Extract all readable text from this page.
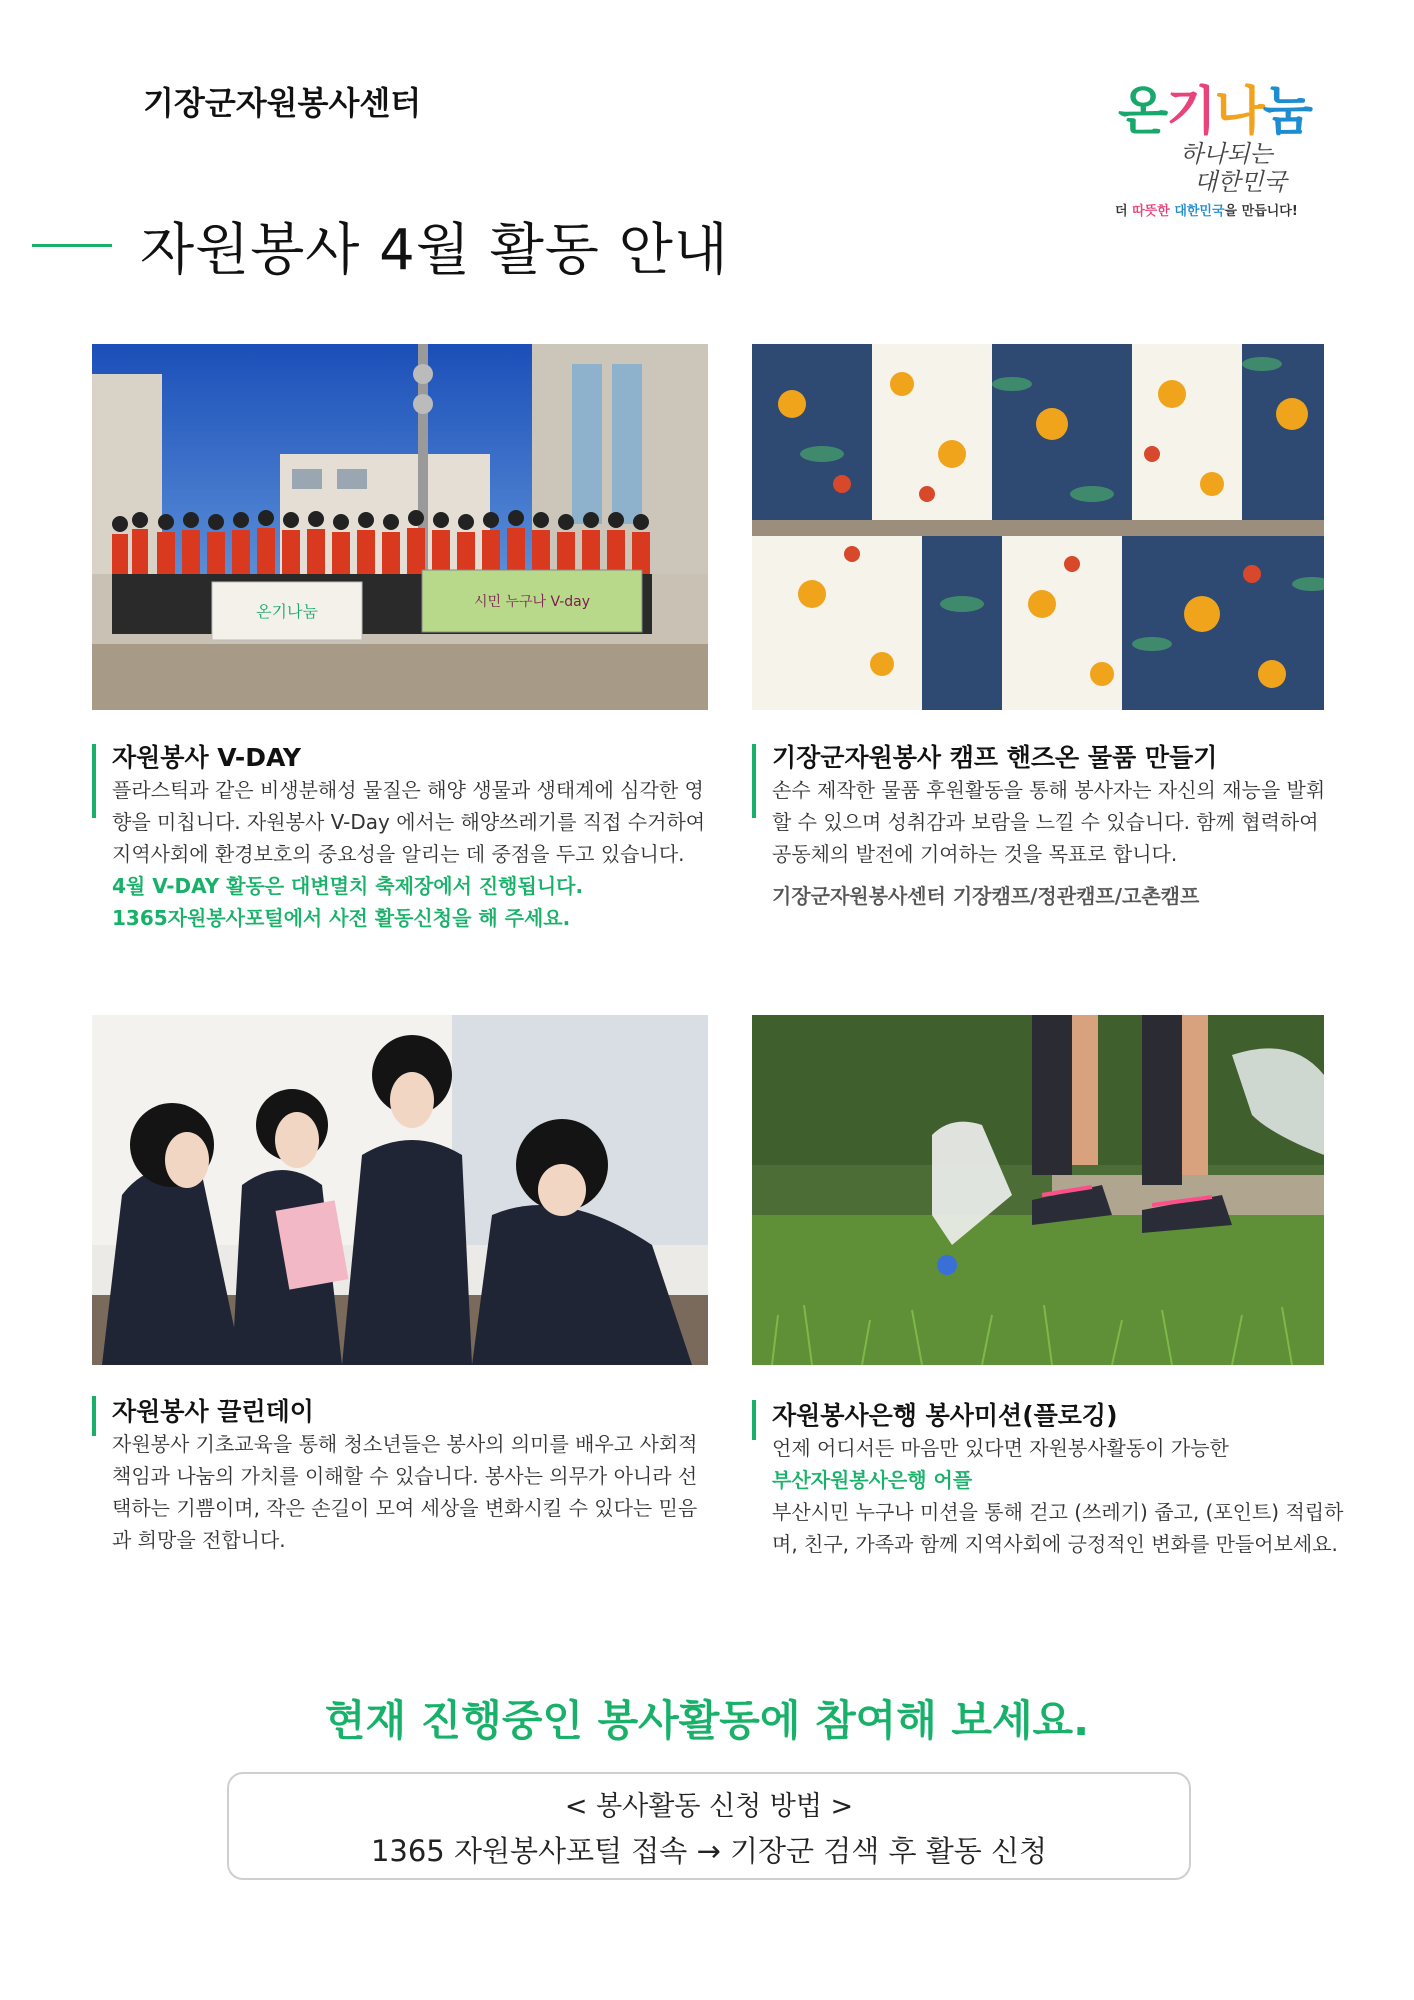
기장군자원봉사센터
자원봉사 4월 활동 안내
온기나눔
하나되는
대한민국
더 따뜻한 대한민국을 만듭니다!
온기나눔	시민 누구나 V-day
자원봉사 V-DAY
플라스틱과 같은 비생분해성 물질은 해양 생물과 생태계에 심각한 영향을 미칩니다. 자원봉사 V-Day 에서는 해양쓰레기를 직접 수거하여 지역사회에 환경보호의 중요성을 알리는 데 중점을 두고 있습니다.
4월 V-DAY 활동은 대변멸치 축제장에서 진행됩니다.
1365자원봉사포털에서 사전 활동신청을 해 주세요.
기장군자원봉사 캠프 핸즈온 물품 만들기
손수 제작한 물품 후원활동을 통해 봉사자는 자신의 재능을 발휘할 수 있으며 성취감과 보람을 느낄 수 있습니다. 함께 협력하여 공동체의 발전에 기여하는 것을 목표로 합니다.
기장군자원봉사센터 기장캠프/정관캠프/고촌캠프
자원봉사 끌린데이
자원봉사 기초교육을 통해 청소년들은 봉사의 의미를 배우고 사회적 책임과 나눔의 가치를 이해할 수 있습니다. 봉사는 의무가 아니라 선택하는 기쁨이며, 작은 손길이 모여 세상을 변화시킬 수 있다는 믿음과 희망을 전합니다.
자원봉사은행 봉사미션(플로깅)
언제 어디서든 마음만 있다면 자원봉사활동이 가능한
부산자원봉사은행 어플
부산시민 누구나 미션을 통해 걷고 (쓰레기) 줍고, (포인트) 적립하며, 친구, 가족과 함께 지역사회에 긍정적인 변화를 만들어보세요.
현재 진행중인 봉사활동에 참여해 보세요.
< 봉사활동 신청 방법 >
1365 자원봉사포털 접속 → 기장군 검색 후 활동 신청
